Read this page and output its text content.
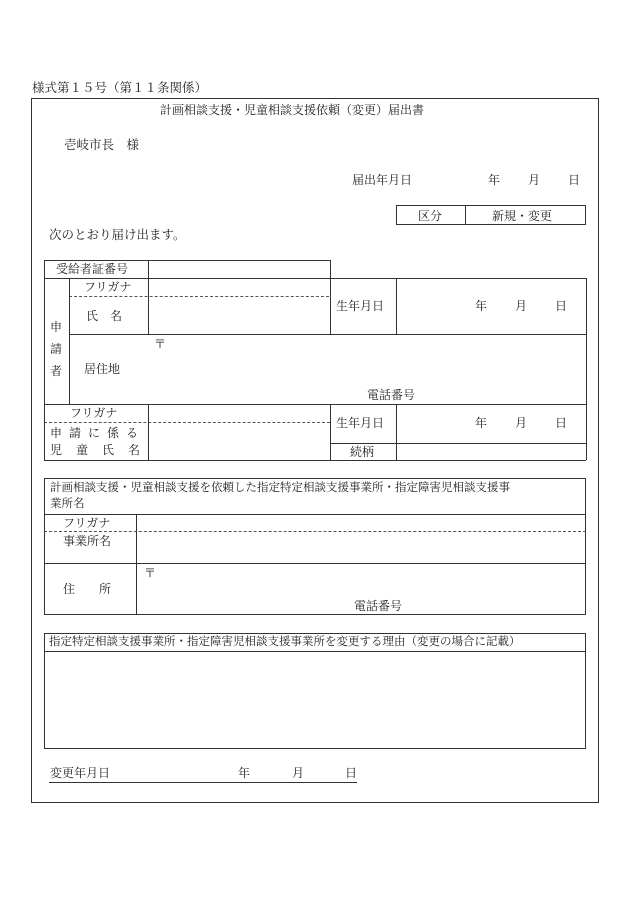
様式第１５号（第１１条関係）
計画相談支援・児童相談支援依頼（変更）届出書
壱岐市長　様
届出年月日	年 月 日
区分	新規・変更
次のとおり届け出ます。
受給者証番号
申請者
フリガナ
氏　名
生年月日	年 月 日
〒
居住地
電話番号
フリガナ
申請に係る
児童氏名
生年月日	年 月 日
続柄
計画相談支援・児童相談支援を依頼した指定特定相談支援事業所・指定障害児相談支援事
業所名
フリガナ
事業所名
住　所
〒
電話番号
指定特定相談支援事業所・指定障害児相談支援事業所を変更する理由（変更の場合に記載）
変更年月日	年	月	日
